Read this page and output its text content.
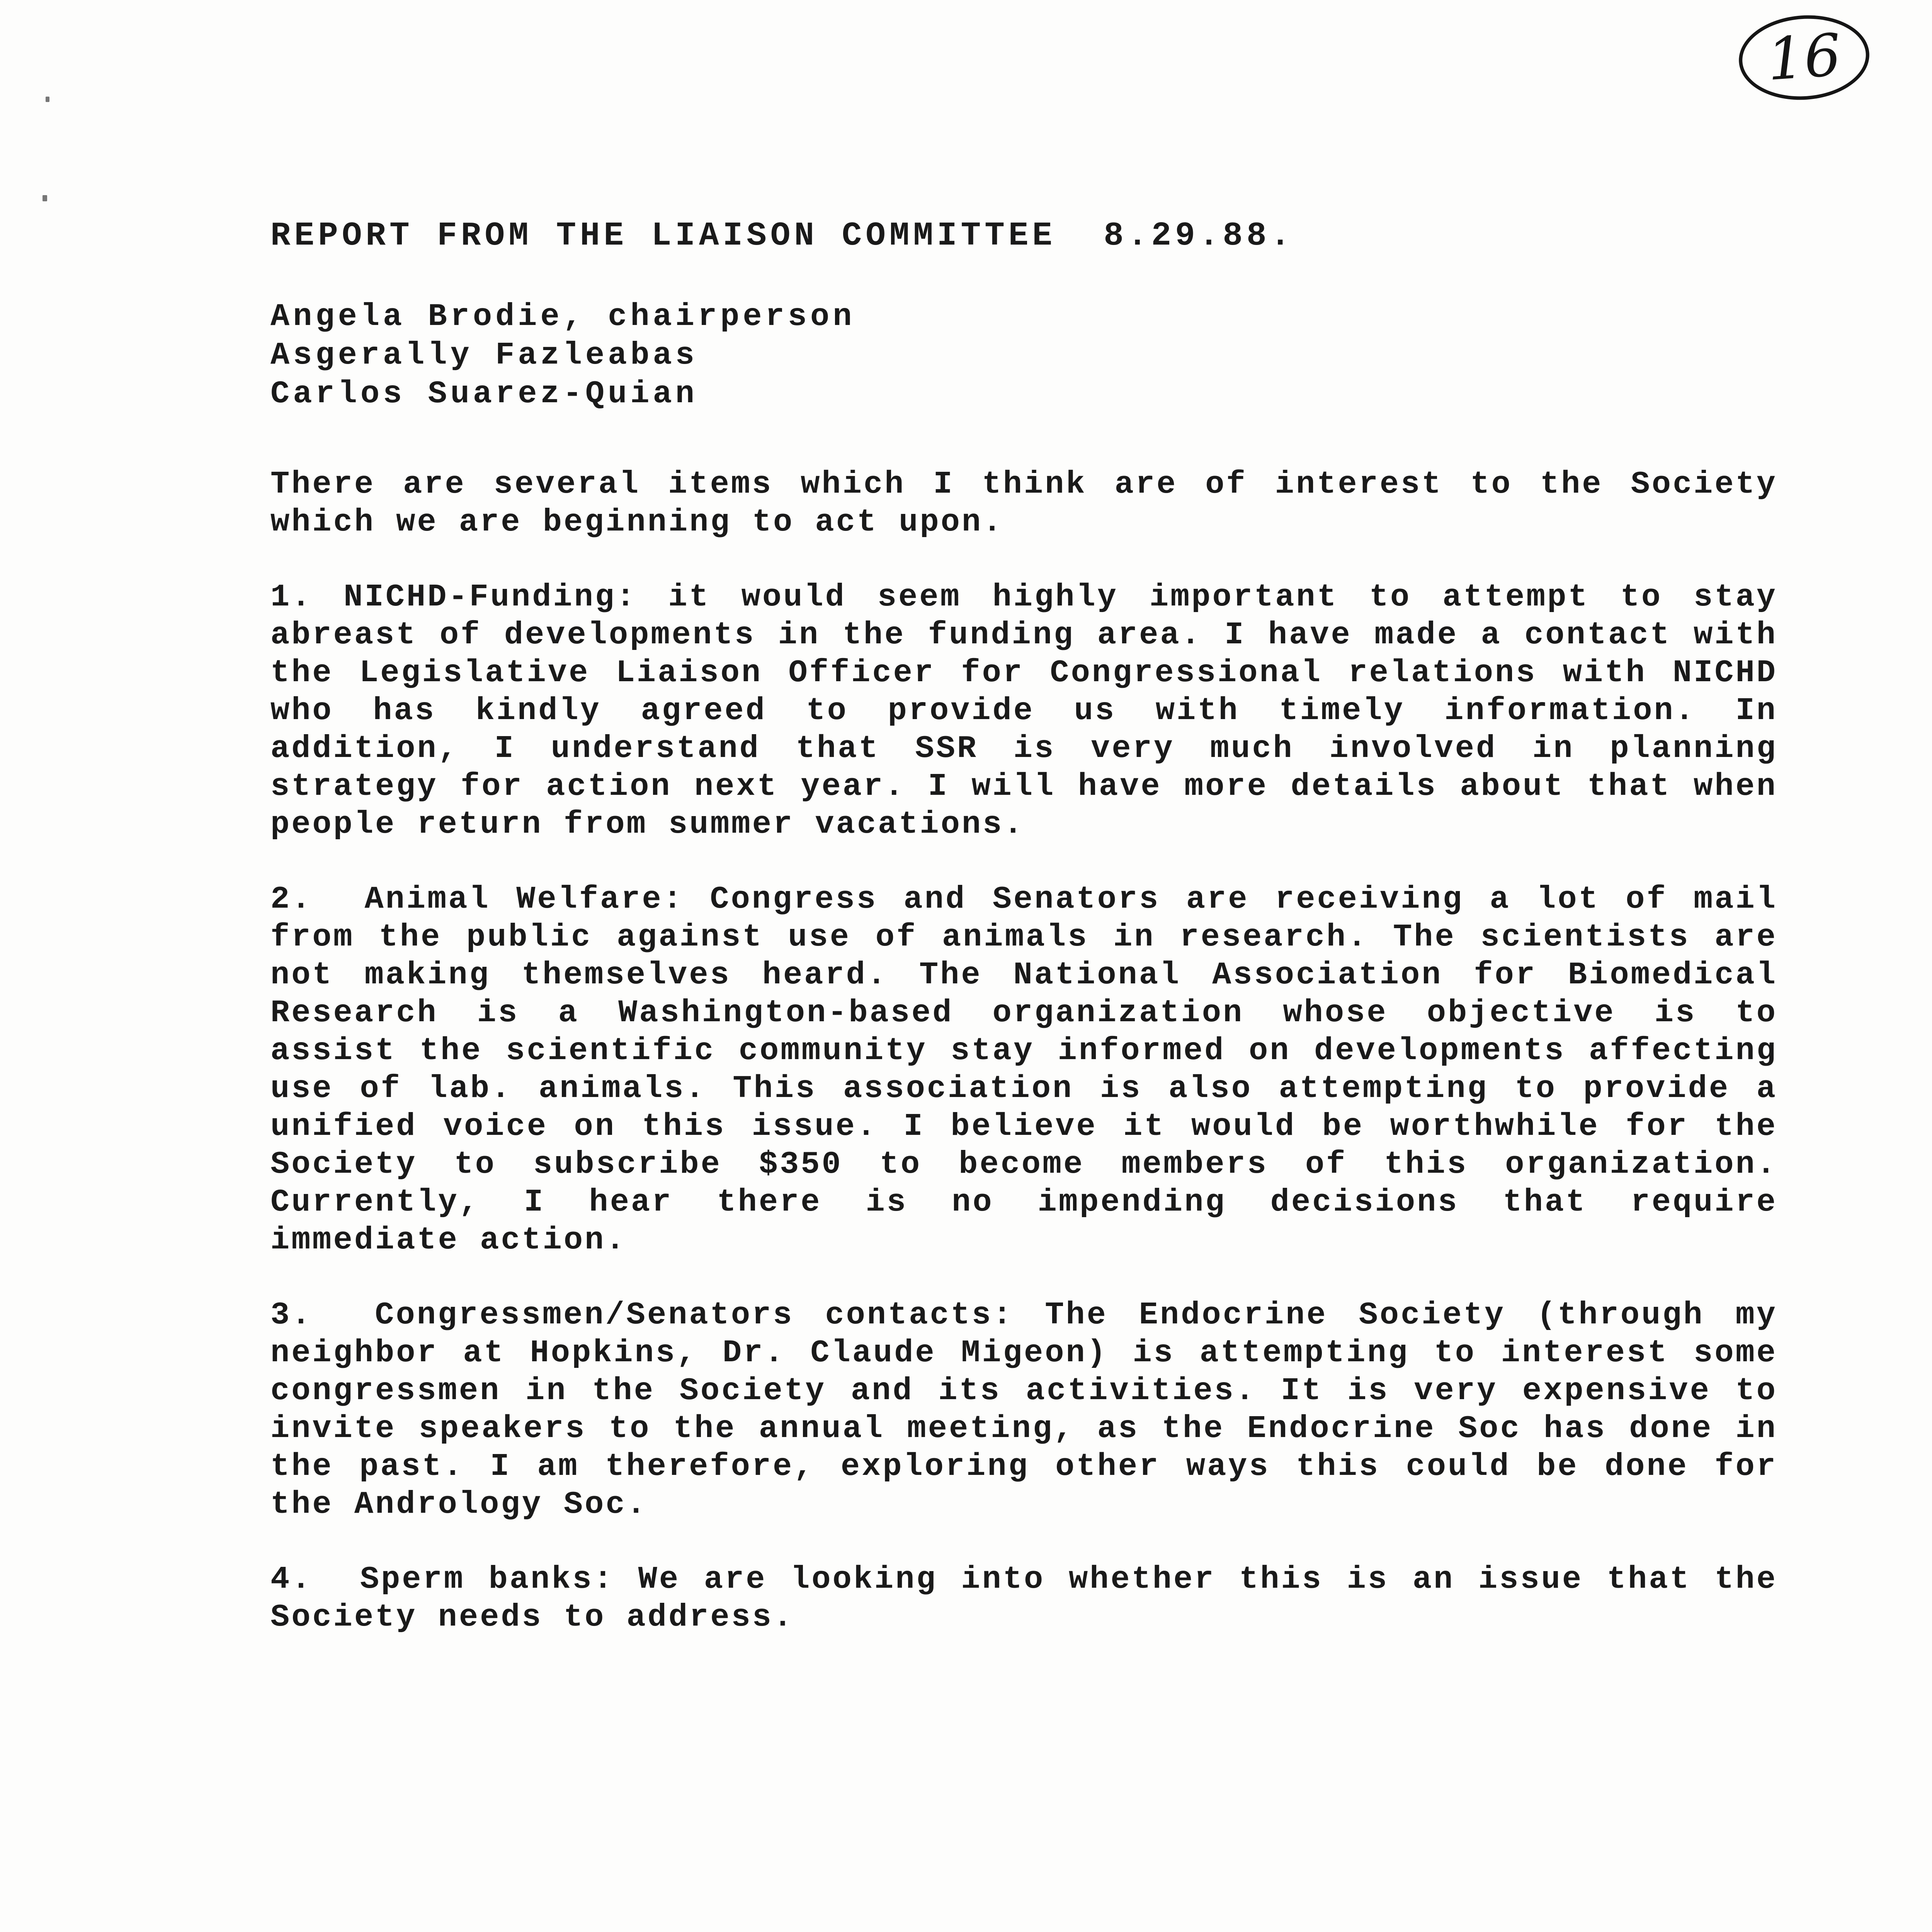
16

REPORT FROM THE LIAISON COMMITTEE  8.29.88.

Angela Brodie, chairperson
Asgerally Fazleabas
Carlos Suarez-Quian

There are several items which I think are of interest to the Society which we are beginning to act upon.

1. NICHD-Funding: it would seem highly important to attempt to stay abreast of developments in the funding area. I have made a contact with the Legislative Liaison Officer for Congressional relations with NICHD who has kindly agreed to provide us with timely information. In addition, I understand that SSR is very much involved in planning strategy for action next year. I will have more details about that when people return from summer vacations.

2.  Animal Welfare: Congress and Senators are receiving a lot of mail from the public against use of animals in research. The scientists are not making themselves heard. The National Association for Biomedical Research is a Washington-based organization whose objective is to assist the scientific community stay informed on developments affecting use of lab. animals. This association is also attempting to provide a unified voice on this issue. I believe it would be worthwhile for the Society to subscribe $350 to become members of this organization. Currently, I hear there is no impending decisions that require immediate action.

3.  Congressmen/Senators contacts: The Endocrine Society (through my neighbor at Hopkins, Dr. Claude Migeon) is attempting to interest some congressmen in the Society and its activities. It is very expensive to invite speakers to the annual meeting, as the Endocrine Soc has done in the past. I am therefore, exploring other ways this could be done for the Andrology Soc.

4.  Sperm banks: We are looking into whether this is an issue that the Society needs to address.
